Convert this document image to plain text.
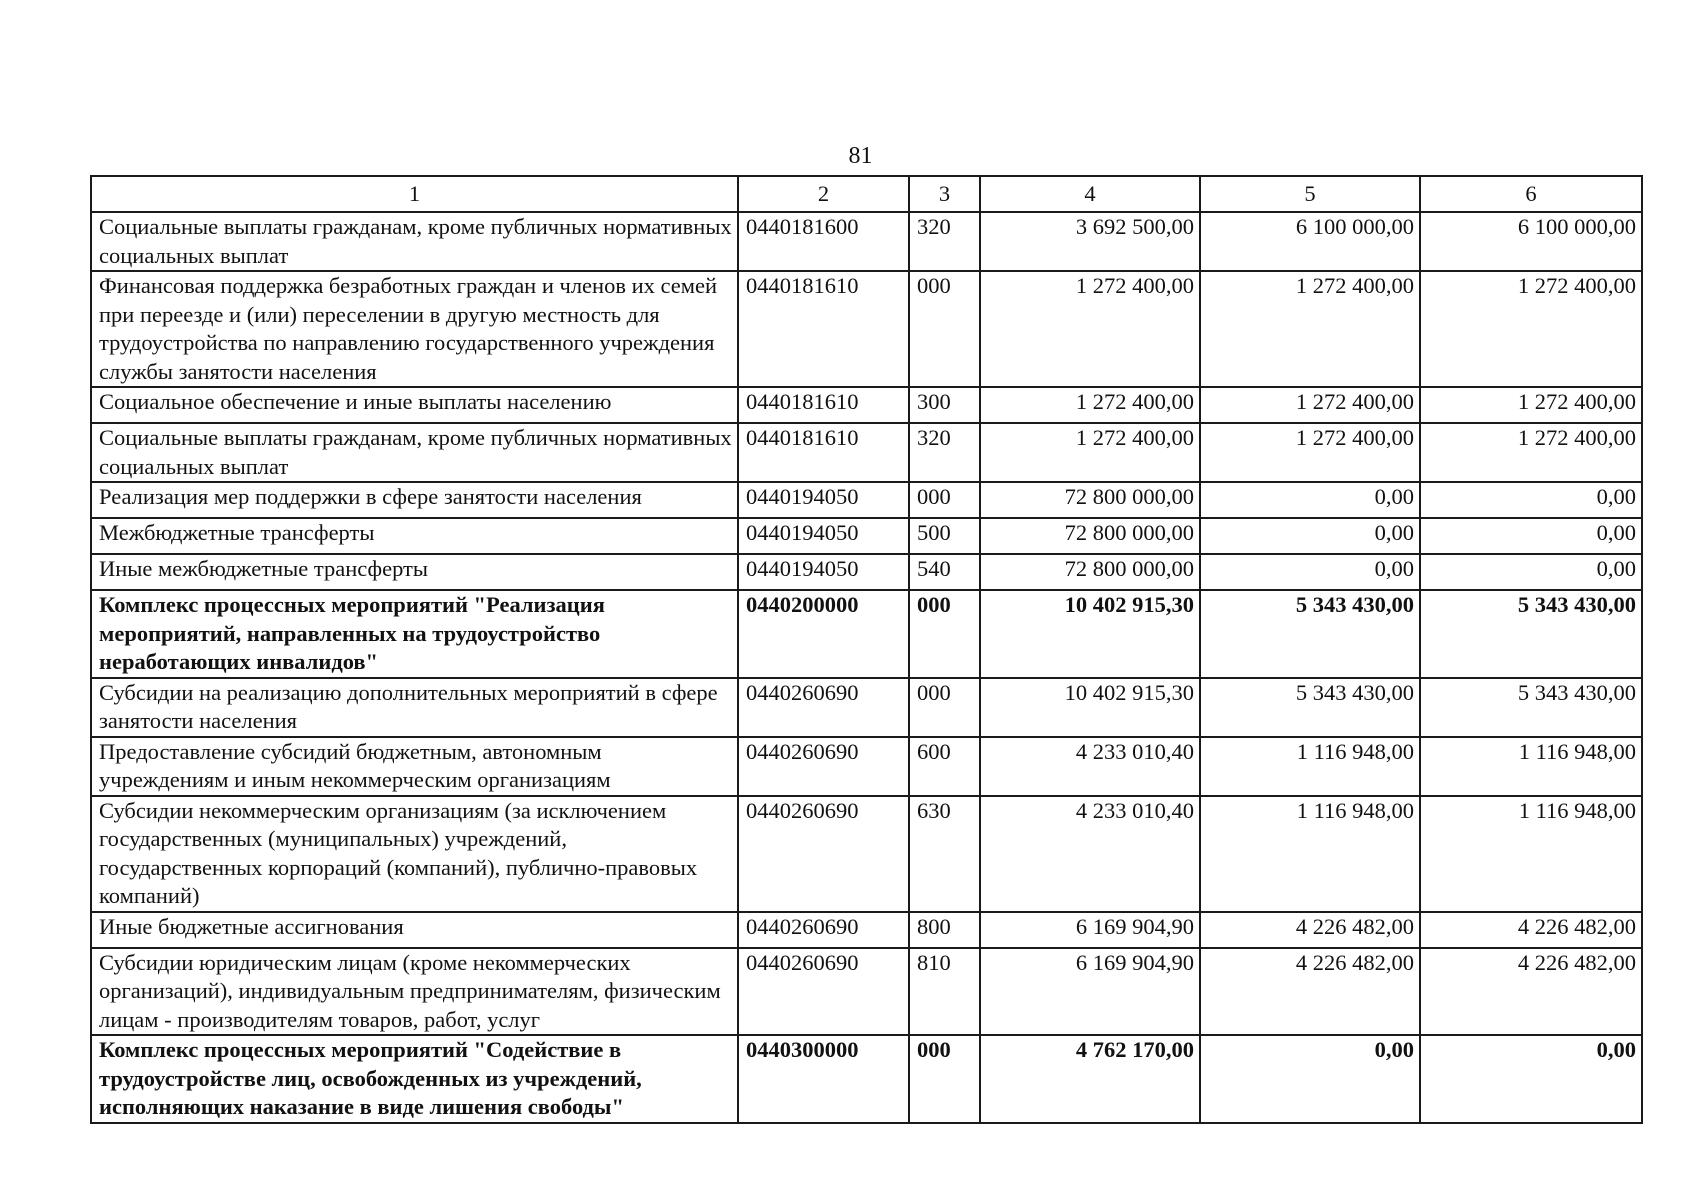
81
1	2	3	4	5	6
Социальные выплаты гражданам, кроме публичных нормативных социальных выплат	0440181600	320	3 692 500,00	6 100 000,00	6 100 000,00
Финансовая поддержка безработных граждан и членов их семей при переезде и (или) переселении в другую местность для трудоустройства по направлению государственного учреждения службы занятости населения	0440181610	000	1 272 400,00	1 272 400,00	1 272 400,00
Социальное обеспечение и иные выплаты населению	0440181610	300	1 272 400,00	1 272 400,00	1 272 400,00
Социальные выплаты гражданам, кроме публичных нормативных социальных выплат	0440181610	320	1 272 400,00	1 272 400,00	1 272 400,00
Реализация мер поддержки в сфере занятости населения	0440194050	000	72 800 000,00	0,00	0,00
Межбюджетные трансферты	0440194050	500	72 800 000,00	0,00	0,00
Иные межбюджетные трансферты	0440194050	540	72 800 000,00	0,00	0,00
Комплекс процессных мероприятий "Реализация мероприятий, направленных на трудоустройство неработающих инвалидов"	0440200000	000	10 402 915,30	5 343 430,00	5 343 430,00
Субсидии на реализацию дополнительных мероприятий в сфере занятости населения	0440260690	000	10 402 915,30	5 343 430,00	5 343 430,00
Предоставление субсидий бюджетным, автономным учреждениям и иным некоммерческим организациям	0440260690	600	4 233 010,40	1 116 948,00	1 116 948,00
Субсидии некоммерческим организациям (за исключением государственных (муниципальных) учреждений, государственных корпораций (компаний), публично-правовых компаний)	0440260690	630	4 233 010,40	1 116 948,00	1 116 948,00
Иные бюджетные ассигнования	0440260690	800	6 169 904,90	4 226 482,00	4 226 482,00
Субсидии юридическим лицам (кроме некоммерческих организаций), индивидуальным предпринимателям, физическим лицам - производителям товаров, работ, услуг	0440260690	810	6 169 904,90	4 226 482,00	4 226 482,00
Комплекс процессных мероприятий "Содействие в трудоустройстве лиц, освобожденных из учреждений, исполняющих наказание в виде лишения свободы"	0440300000	000	4 762 170,00	0,00	0,00
